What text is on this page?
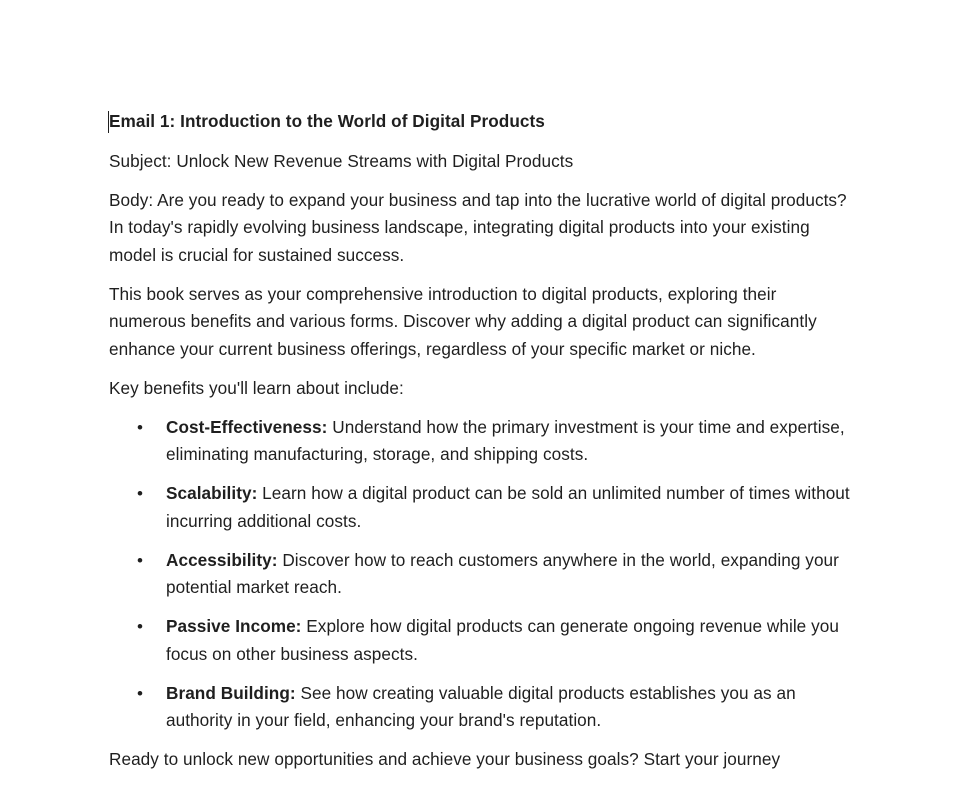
Email 1: Introduction to the World of Digital Products

Subject: Unlock New Revenue Streams with Digital Products

Body: Are you ready to expand your business and tap into the lucrative world of digital products? In today's rapidly evolving business landscape, integrating digital products into your existing model is crucial for sustained success.

This book serves as your comprehensive introduction to digital products, exploring their numerous benefits and various forms. Discover why adding a digital product can significantly enhance your current business offerings, regardless of your specific market or niche.

Key benefits you'll learn about include:

• Cost-Effectiveness: Understand how the primary investment is your time and expertise, eliminating manufacturing, storage, and shipping costs.
• Scalability: Learn how a digital product can be sold an unlimited number of times without incurring additional costs.
• Accessibility: Discover how to reach customers anywhere in the world, expanding your potential market reach.
• Passive Income: Explore how digital products can generate ongoing revenue while you focus on other business aspects.
• Brand Building: See how creating valuable digital products establishes you as an authority in your field, enhancing your brand's reputation.

Ready to unlock new opportunities and achieve your business goals? Start your journey
